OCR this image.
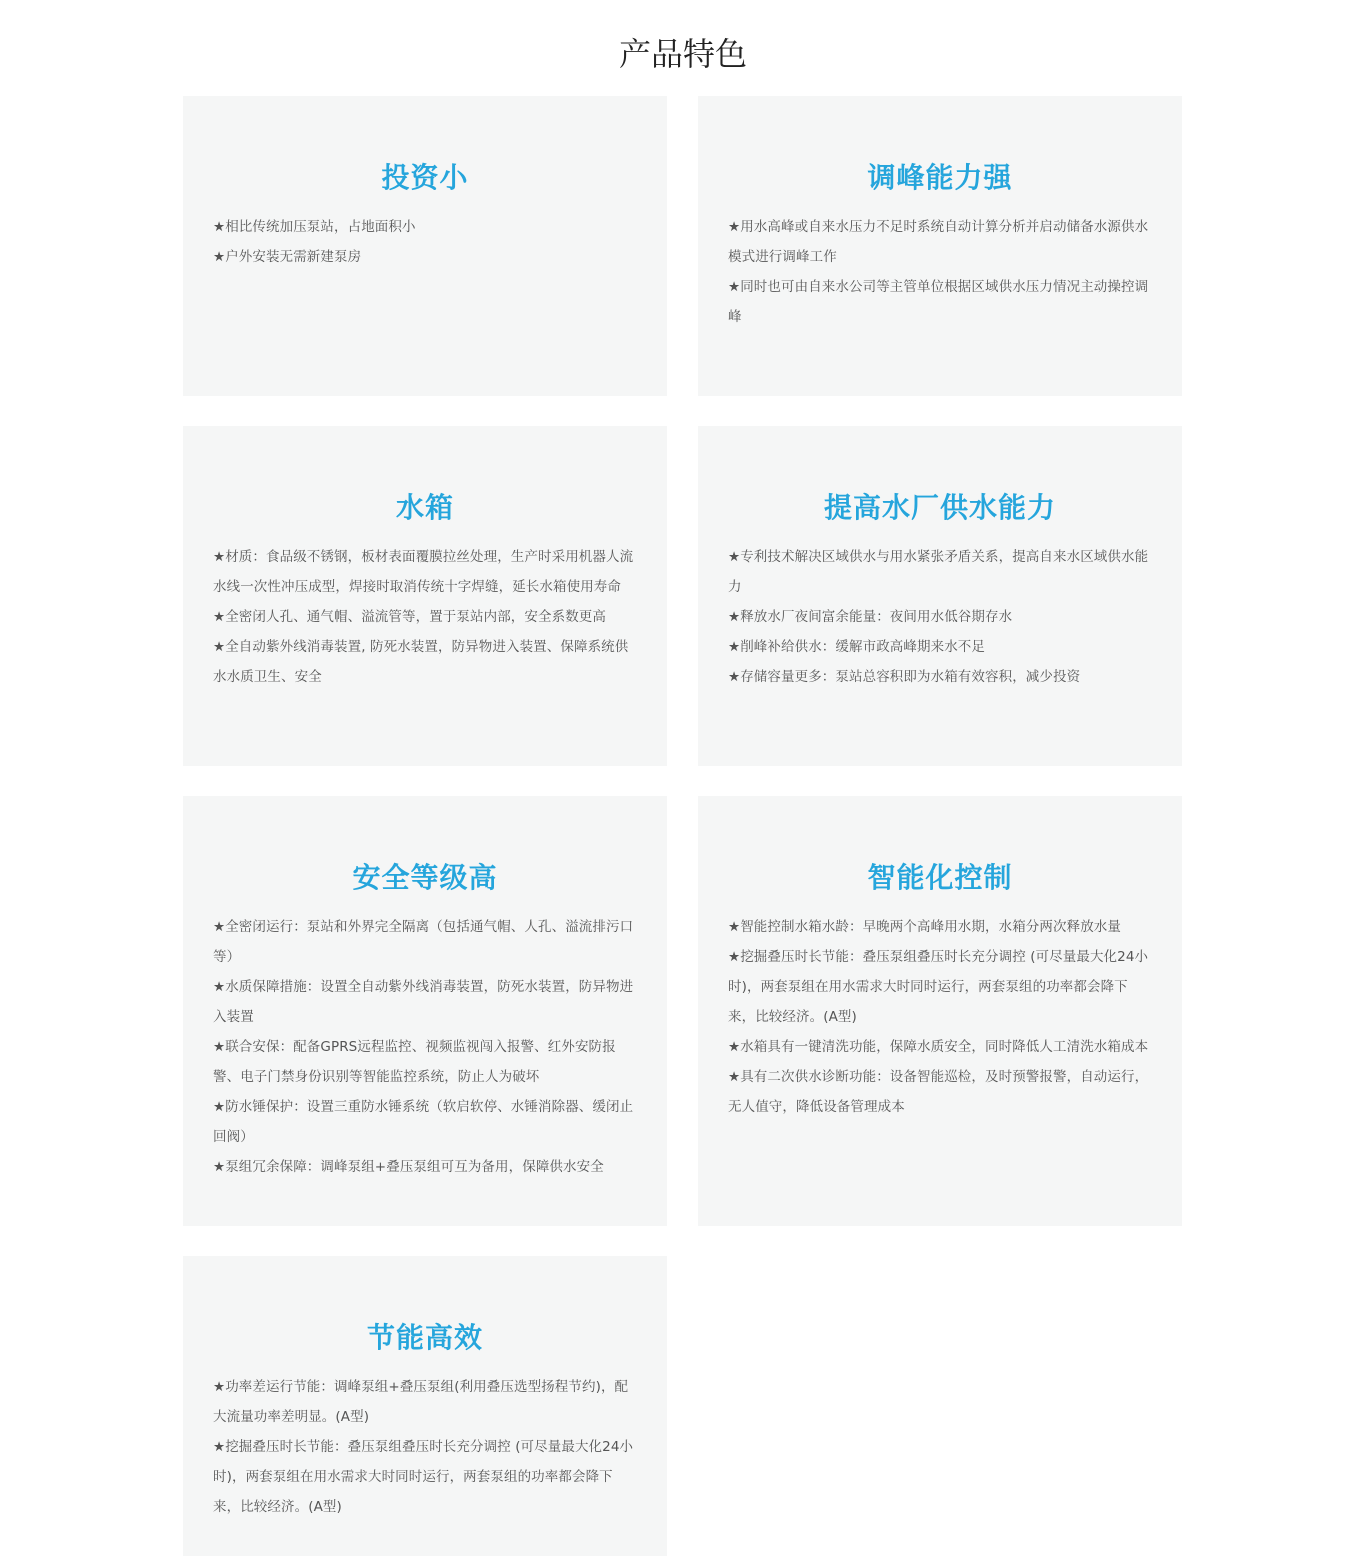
产品特色
投资小
★相比传统加压泵站，占地面积小
★户外安装无需新建泵房
调峰能力强
★用水高峰或自来水压力不足时系统自动计算分析并启动储备水源供水模式进行调峰工作
★同时也可由自来水公司等主管单位根据区域供水压力情况主动操控调峰
水箱
★材质：食品级不锈钢，板材表面覆膜拉丝处理，生产时采用机器人流水线一次性冲压成型，焊接时取消传统十字焊缝，延长水箱使用寿命
★全密闭人孔、通气帽、溢流管等，置于泵站内部，安全系数更高
★全自动紫外线消毒装置, 防死水装置，防异物进入装置、保障系统供水水质卫生、安全
提高水厂供水能力
★专利技术解决区域供水与用水紧张矛盾关系，提高自来水区域供水能力
★释放水厂夜间富余能量：夜间用水低谷期存水
★削峰补给供水：缓解市政高峰期来水不足
★存储容量更多：泵站总容积即为水箱有效容积，减少投资
安全等级高
★全密闭运行：泵站和外界完全隔离（包括通气帽、人孔、溢流排污口等）
★水质保障措施：设置全自动紫外线消毒装置，防死水装置，防异物进入装置
★联合安保：配备GPRS远程监控、视频监视闯入报警、红外安防报警、电子门禁身份识别等智能监控系统，防止人为破坏
★防水锤保护：设置三重防水锤系统（软启软停、水锤消除器、缓闭止回阀）
★泵组冗余保障：调峰泵组+叠压泵组可互为备用，保障供水安全
智能化控制
★智能控制水箱水龄：早晚两个高峰用水期，水箱分两次释放水量
★挖掘叠压时长节能：叠压泵组叠压时长充分调控 (可尽量最大化24小时)，两套泵组在用水需求大时同时运行，两套泵组的功率都会降下来，比较经济。(A型)
★水箱具有一键清洗功能，保障水质安全，同时降低人工清洗水箱成本
★具有二次供水诊断功能：设备智能巡检，及时预警报警，自动运行，无人值守，降低设备管理成本
节能高效
★功率差运行节能：调峰泵组+叠压泵组(利用叠压选型扬程节约)，配大流量功率差明显。(A型)
★挖掘叠压时长节能：叠压泵组叠压时长充分调控 (可尽量最大化24小时)，两套泵组在用水需求大时同时运行，两套泵组的功率都会降下来，比较经济。(A型)
